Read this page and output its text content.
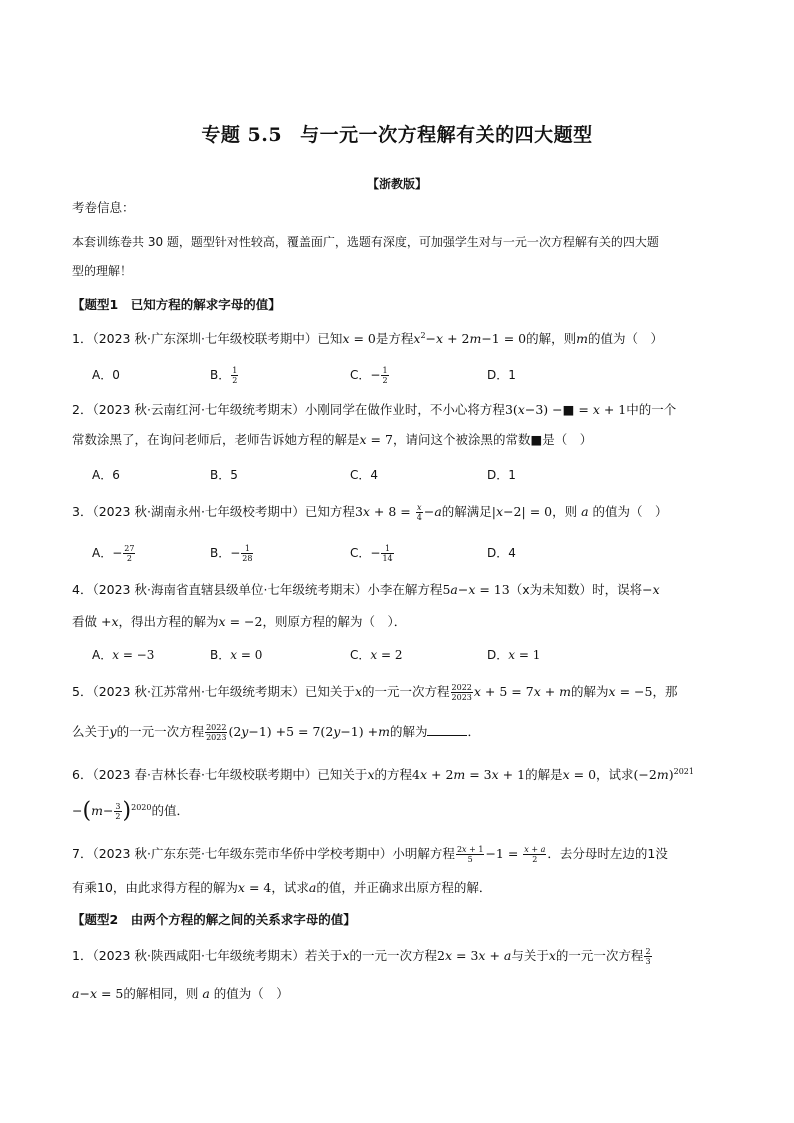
专题 5.5 与一元一次方程解有关的四大题型
【浙教版】
考卷信息：
本套训练卷共 30 题，题型针对性较高，覆盖面广，选题有深度，可加强学生对与一元一次方程解有关的四大题
型的理解！
【题型1　已知方程的解求字母的值】
1．（2023 秋·广东深圳·七年级校联考期中）已知x = 0是方程$x^2-x + 2m-1 = 0$的解，则m的值为（　）
A．0	B． $\frac{1}{2}$	C．− $\frac{1}{2}$	D．1
2．（2023 秋·云南红河·七年级统考期末）小刚同学在做作业时，不小心将方程3(x−3) −■ = x + 1中的一个
常数涂黑了，在询问老师后，老师告诉她方程的解是x = 7，请问这个被涂黑的常数■是（　）
A．6	B．5	C．4	D．1
3．（2023 秋·湖南永州·七年级校考期中）已知方程$3x + 8 = \frac{x}{4} -a$的解满足|x−2| = 0，则 a 的值为（　）
A．− $\frac{27}{2}$	B．− $\frac{1}{28}$	C．− $\frac{1}{14}$	D．4
4．（2023 秋·海南省直辖县级单位·七年级统考期末）小李在解方程5a−x = 13（x为未知数）时，误将−x
看做 +x，得出方程的解为x = −2，则原方程的解为（　）．
A．x = −3	B．x = 0	C．x = 2	D．x = 1
5．（2023 秋·江苏常州·七年级统考期末）已知关于x的一元一次方程 $\frac{2022}{2023}$ x + 5 = 7x + m的解为x = −5，那
么关于y的一元一次方程 $\frac{2022}{2023} (2y-1) +5 = 7(2y-1) +m$的解为	．
6．（2023 春·吉林长春·七年级校联考期中）已知关于x的方程4x + 2m = 3x + 1的解是x = 0，试求$(-2m)^{2021}$
$-(m- \frac{3}{2} )^{2020}$的值．
7．（2023 秋·广东东莞·七年级东莞市华侨中学校考期中）小明解方程 $\frac{2x + 1}{5} -1 = \frac{x + a}{2}$ ．去分母时左边的1没
有乘10，由此求得方程的解为x = 4，试求a的值，并正确求出原方程的解．
【题型2　由两个方程的解之间的关系求字母的值】
1．（2023 秋·陕西咸阳·七年级统考期末）若关于x的一元一次方程2x = 3x + a与关于x的一元一次方程 $\frac{2}{3}$
a−x = 5的解相同，则 a 的值为（　）
